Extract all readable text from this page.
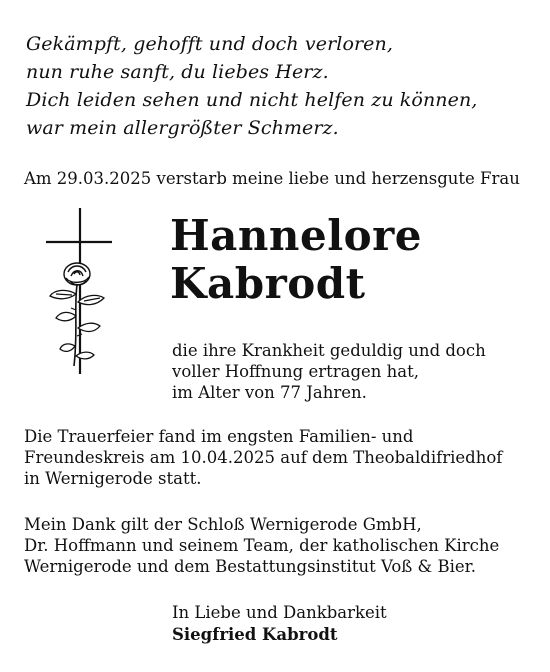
Gekämpft, gehofft und doch verloren,
nun ruhe sanft, du liebes Herz.
Dich leiden sehen und nicht helfen zu können,
war mein allergrößter Schmerz.
Am 29.03.2025 verstarb meine liebe und herzensgute Frau
Hannelore
Kabrodt
die ihre Krankheit geduldig und doch
voller Hoffnung ertragen hat,
im Alter von 77 Jahren.
Die Trauerfeier fand im engsten Familien- und
Freundeskreis am 10.04.2025 auf dem Theobaldifriedhof
in Wernigerode statt.
Mein Dank gilt der Schloß Wernigerode GmbH,
Dr. Hoffmann und seinem Team, der katholischen Kirche
Wernigerode und dem Bestattungsinstitut Voß & Bier.
In Liebe und Dankbarkeit
Siegfried Kabrodt
